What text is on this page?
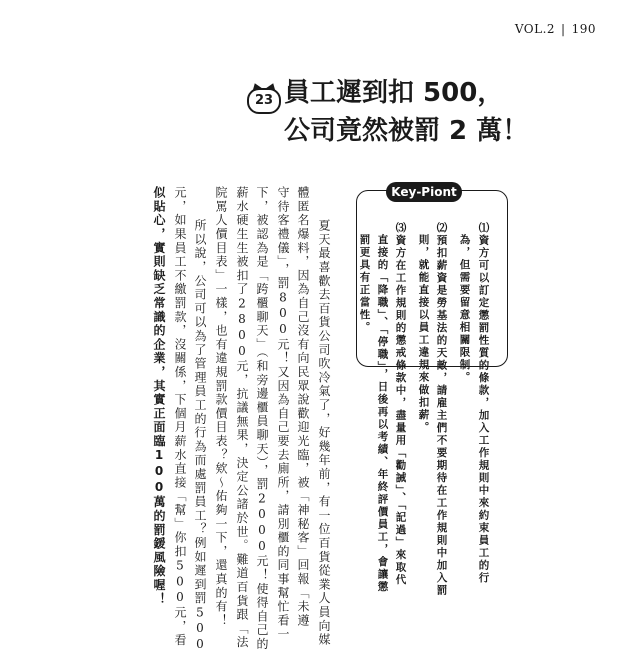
VOL.2 | 190
23 員工遲到扣 500，
公司竟然被罰 2 萬！
Key-Piont
⑴資方可以訂定懲罰性質的條款，加入工作規則中來約束員工的行
為，但需要留意相關限制。
⑵預扣薪資是勞基法的天敵，請雇主們不要期待在工作規則中加入罰
則，就能直接以員工違規來做扣薪。
⑶資方在工作規則的懲戒條款中，盡量用「勸誡」、「記過」來取代
直接的「降職」、「停職」，日後再以考績、年終評價員工，會讓懲
罰更具有正當性。
夏天最喜歡去百貨公司吹冷氣了，好幾年前，有一位百貨從業人員向媒
體匿名爆料，因為自己沒有向民眾說歡迎光臨，被「神秘客」回報「未遵
守待客禮儀」，罰800元！又因為自己要去廁所，請別櫃的同事幫忙看一
下，被認為是「跨櫃聊天」（和旁邊櫃員聊天），罰2000元！使得自己的
薪水硬生生被扣了2800元，抗議無果，決定公諸於世。難道百貨跟「法
院罵人價目表」一樣，也有違規罰款價目表？欸～佑夠一下，還真的有！
所以說，公司可以為了管理員工的行為而處罰員工？例如遲到罰500
元，如果員工不繳罰款，沒關係，下個月薪水直接「幫」你扣500元，看
似貼心，實則缺乏常識的企業，其實正面臨100萬的罰鍰風險喔！
